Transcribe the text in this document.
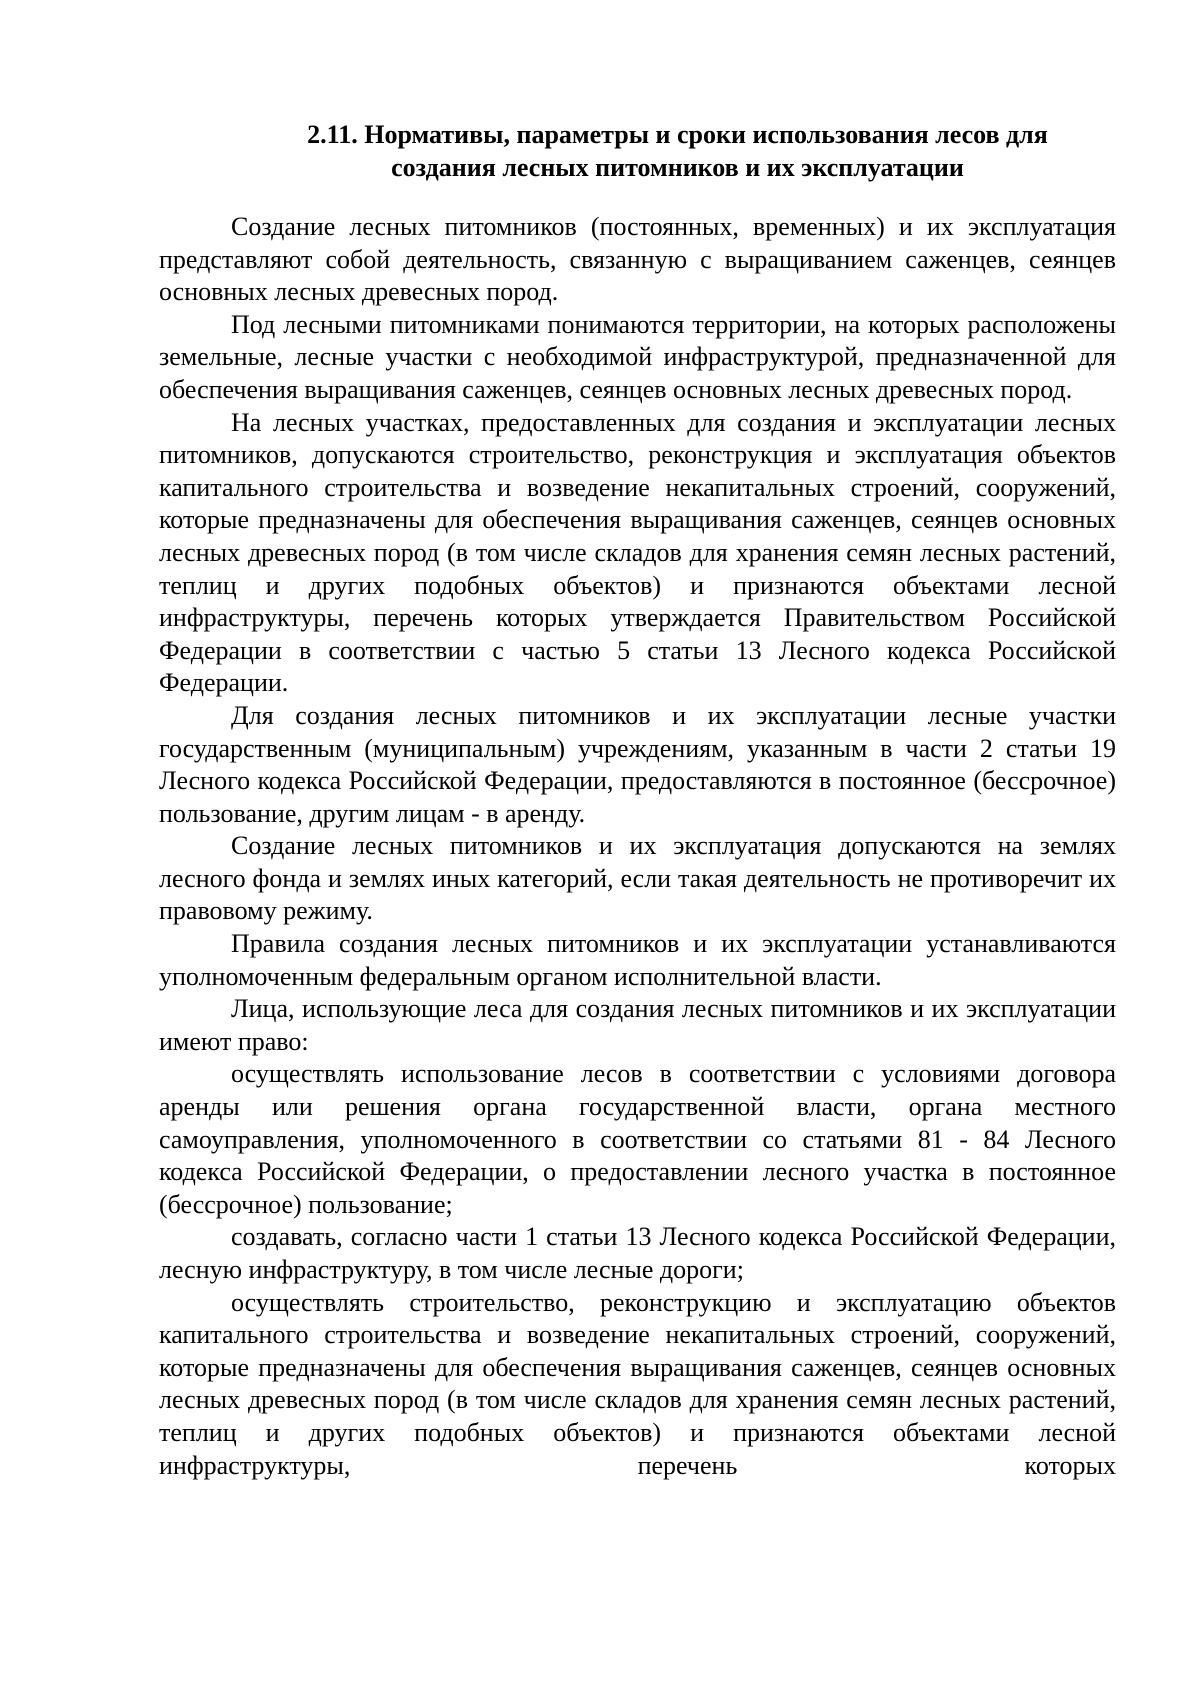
2.11. Нормативы, параметры и сроки использования лесов для
создания лесных питомников и их эксплуатации

Создание лесных питомников (постоянных, временных) и их эксплуатация представляют собой деятельность, связанную с выращиванием саженцев, сеянцев основных лесных древесных пород.

Под лесными питомниками понимаются территории, на которых расположены земельные, лесные участки с необходимой инфраструктурой, предназначенной для обеспечения выращивания саженцев, сеянцев основных лесных древесных пород.

На лесных участках, предоставленных для создания и эксплуатации лесных питомников, допускаются строительство, реконструкция и эксплуатация объектов капитального строительства и возведение некапитальных строений, сооружений, которые предназначены для обеспечения выращивания саженцев, сеянцев основных лесных древесных пород (в том числе складов для хранения семян лесных растений, теплиц и других подобных объектов) и признаются объектами лесной инфраструктуры, перечень которых утверждается Правительством Российской Федерации в соответствии с частью 5 статьи 13 Лесного кодекса Российской Федерации.

Для создания лесных питомников и их эксплуатации лесные участки государственным (муниципальным) учреждениям, указанным в части 2 статьи 19 Лесного кодекса Российской Федерации, предоставляются в постоянное (бессрочное) пользование, другим лицам - в аренду.

Создание лесных питомников и их эксплуатация допускаются на землях лесного фонда и землях иных категорий, если такая деятельность не противоречит их правовому режиму.

Правила создания лесных питомников и их эксплуатации устанавливаются уполномоченным федеральным органом исполнительной власти.

Лица, использующие леса для создания лесных питомников и их эксплуатации имеют право:

осуществлять использование лесов в соответствии с условиями договора аренды или решения органа государственной власти, органа местного самоуправления, уполномоченного в соответствии со статьями 81 - 84 Лесного кодекса Российской Федерации, о предоставлении лесного участка в постоянное (бессрочное) пользование;

создавать, согласно части 1 статьи 13 Лесного кодекса Российской Федерации, лесную инфраструктуру, в том числе лесные дороги;

осуществлять строительство, реконструкцию и эксплуатацию объектов капитального строительства и возведение некапитальных строений, сооружений, которые предназначены для обеспечения выращивания саженцев, сеянцев основных лесных древесных пород (в том числе складов для хранения семян лесных растений, теплиц и других подобных объектов) и признаются объектами лесной инфраструктуры, перечень которых
